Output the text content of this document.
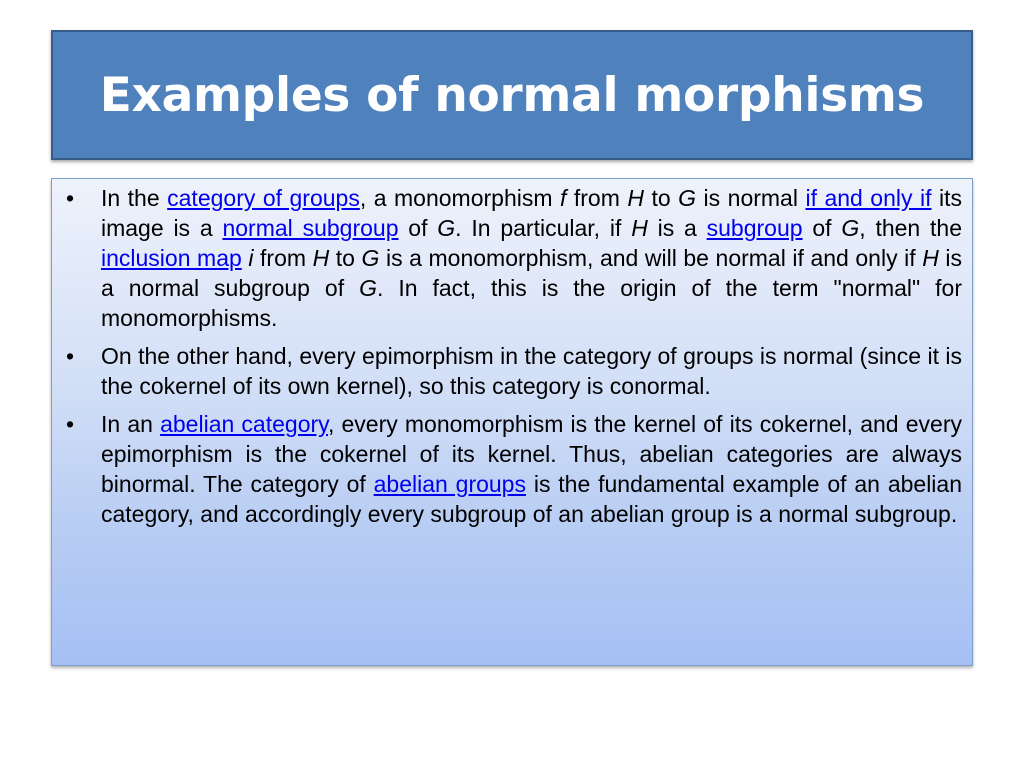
Examples of normal morphisms
• In the category of groups, a monomorphism f from H to G is normal if and only if its image is a normal subgroup of G. In particular, if H is a subgroup of G, then the inclusion map i from H to G is a monomorphism, and will be normal if and only if H is a normal subgroup of G. In fact, this is the origin of the term "normal" for monomorphisms.
• On the other hand, every epimorphism in the category of groups is normal (since it is the cokernel of its own kernel), so this category is conormal.
• In an abelian category, every monomorphism is the kernel of its cokernel, and every epimorphism is the cokernel of its kernel. Thus, abelian categories are always binormal. The category of abelian groups is the fundamental example of an abelian category, and accordingly every subgroup of an abelian group is a normal subgroup.
